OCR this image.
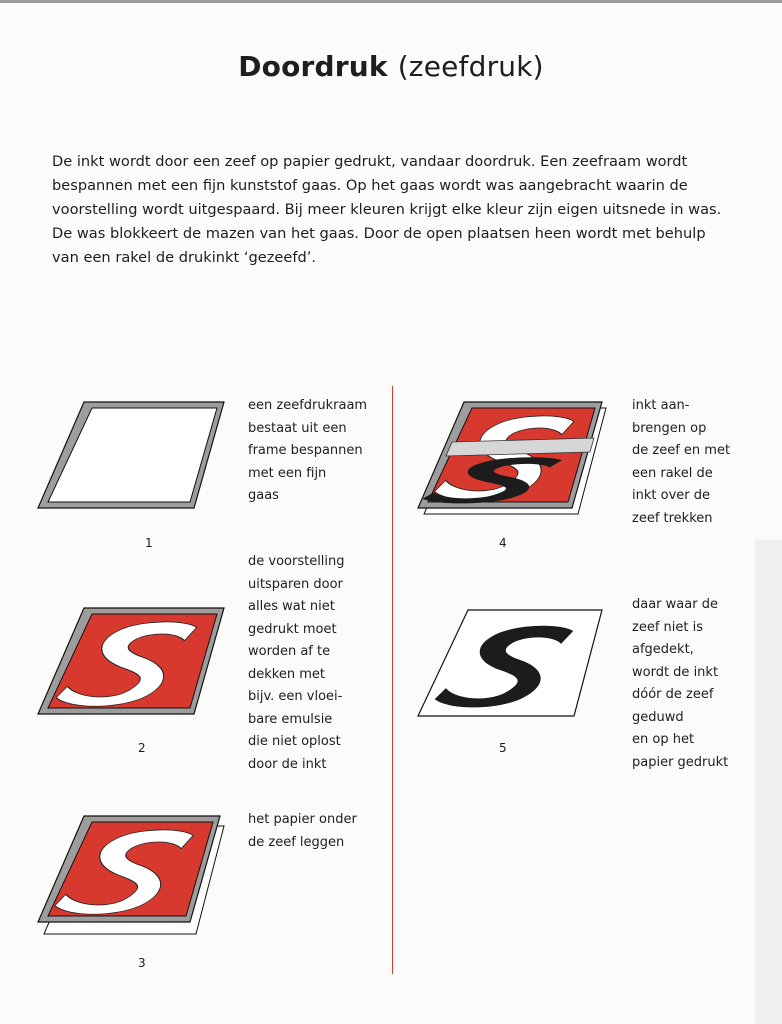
Doordruk (zeefdruk)

De inkt wordt door een zeef op papier gedrukt, vandaar doordruk. Een zeefraam wordt bespannen met een fijn kunststof gaas. Op het gaas wordt was aangebracht waarin de voorstelling wordt uitgespaard. Bij meer kleuren krijgt elke kleur zijn eigen uitsnede in was. De was blokkeert de mazen van het gaas. Door de open plaatsen heen wordt met behulp van een rakel de drukinkt ‘gezeefd’.

1
een zeefdrukraam
bestaat uit een
frame bespannen
met een fijn
gaas
2
de voorstelling
uitsparen door
alles wat niet
gedrukt moet
worden af te
dekken met
bijv. een vloei-
bare emulsie
die niet oplost
door de inkt
3
het papier onder
de zeef leggen
4
inkt aan-
brengen op
de zeef en met
een rakel de
inkt over de
zeef trekken
5
daar waar de
zeef niet is
afgedekt,
wordt de inkt
dóór de zeef
geduwd
en op het
papier gedrukt
